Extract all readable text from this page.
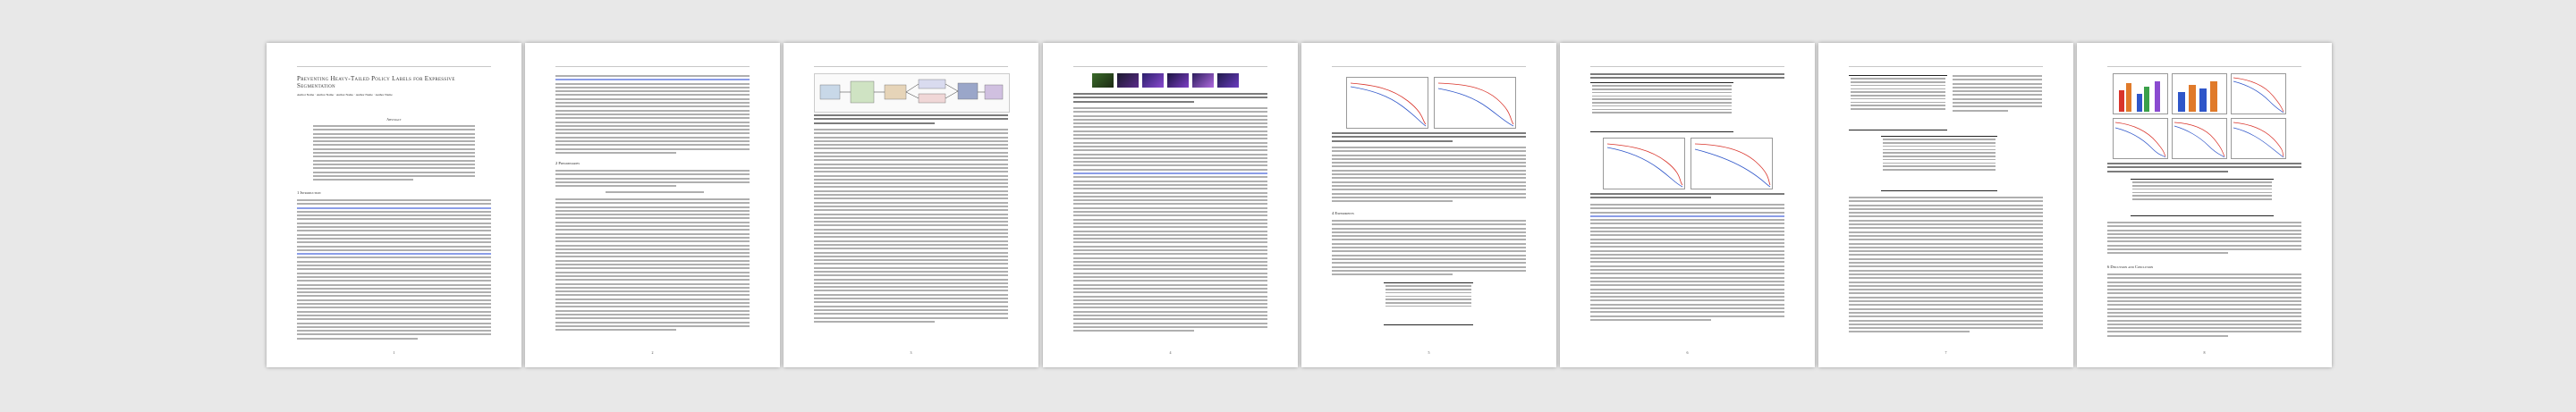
Preventing Heavy-Tailed Policy Labels for Expressive Segmentation
Author Name · Author Name · Author Name · Author Name · Author Name
Abstract
1 Introduction
1
2 Preliminaries
2	3	4
4 Experiments
5	6	7
6 Discussion and Conclusion
8
